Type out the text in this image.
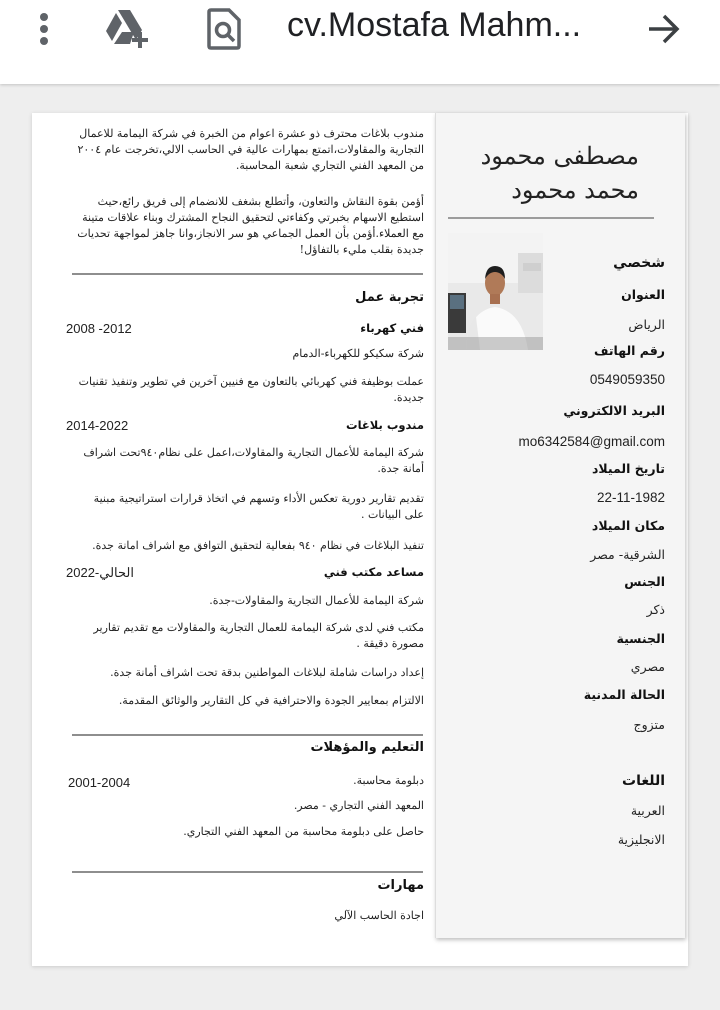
cv.Mostafa Mahm...
مصطفى محمود
محمد محمود
شخصي
العنوان
الرياض
رقم الهاتف
0549059350
البريد الالكتروني
mo6342584@gmail.com
تاريخ الميلاد
22-11-1982
مكان الميلاد
الشرقية- مصر
الجنس
ذكر
الجنسية
مصري
الحالة المدنية
متزوج
اللغات
العربية
الانجليزية
مندوب بلاغات محترف ذو عشرة اعوام من الخبرة في شركة اليمامة للاعمال التجارية والمقاولات،اتمتع بمهارات عالية في الحاسب الالي،تخرجت عام ٢٠٠٤ من المعهد الفني التجاري شعبة المحاسبة.
أؤمن بقوة النقاش والتعاون، وأتطلع بشغف للانضمام إلى فريق رائع،حيث استطيع الاسهام بخبرتي وكفاءتي لتحقيق النجاح المشترك وبناء علاقات متينة مع العملاء.أؤمن بأن العمل الجماعي هو سر الانجاز،وانا جاهز لمواجهة تحديات جديدة بقلب مليء بالتفاؤل!
تجربة عمل
فني كهرباء
2008 -2012
شركة سكيكو للكهرباء-الدمام
عملت بوظيفة فني كهربائي بالتعاون مع فنيين آخرين في تطوير وتنفيذ تقنيات جديدة.
مندوب بلاغات
2014-2022
شركة اليمامة للأعمال التجارية والمقاولات،اعمل على نظام٩٤٠تحت اشراف أمانة جدة.
تقديم تقارير دورية تعكس الأداء وتسهم في اتخاذ قرارات استراتيجية مبنية على البيانات .
تنفيذ البلاغات في نظام ٩٤٠ بفعالية لتحقيق التوافق مع اشراف امانة جدة.
مساعد مكتب فني
2022-الحالي
شركة اليمامة للأعمال التجارية والمقاولات-جدة.
مكتب فني لدى شركة اليمامة للعمال التجارية والمقاولات مع تقديم تقارير مصورة دقيقة .
إعداد دراسات شاملة لبلاغات المواطنين بدقة تحت اشراف أمانة جدة.
الالتزام بمعايير الجودة والاحترافية في كل التقارير والوثائق المقدمة.
التعليم والمؤهلات
دبلومة محاسبة.
2001-2004
المعهد الفني التجاري - مصر.
حاصل على دبلومة محاسبة من المعهد الفني التجاري.
مهارات
اجادة الحاسب الآلي
